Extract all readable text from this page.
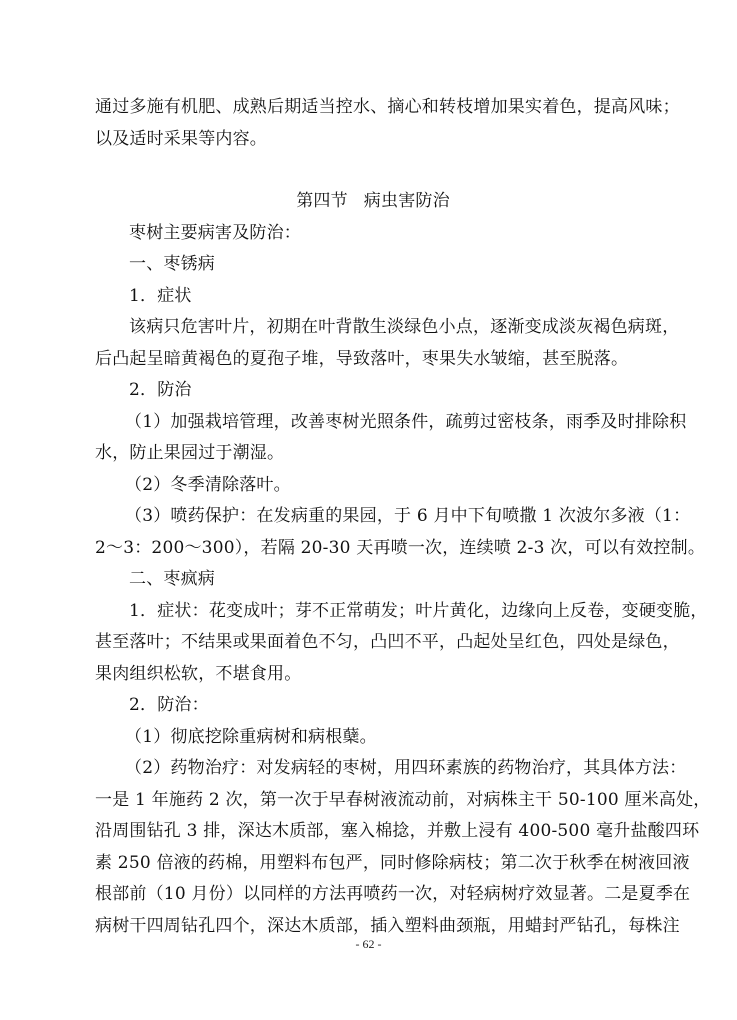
通过多施有机肥、成熟后期适当控水、摘心和转枝增加果实着色，提高风味；
以及适时采果等内容。
第四节 病虫害防治
枣树主要病害及防治：
一、枣锈病
1．症状
该病只危害叶片，初期在叶背散生淡绿色小点，逐渐变成淡灰褐色病斑，
后凸起呈暗黄褐色的夏孢子堆，导致落叶，枣果失水皱缩，甚至脱落。
2．防治
（1）加强栽培管理，改善枣树光照条件，疏剪过密枝条，雨季及时排除积
水，防止果园过于潮湿。
（2）冬季清除落叶。
（3）喷药保护：在发病重的果园，于 6 月中下旬喷撒 1 次波尔多液（1：
2～3：200～300），若隔 20-30 天再喷一次，连续喷 2-3 次，可以有效控制。
二、枣疯病
1．症状：花变成叶；芽不正常萌发；叶片黄化，边缘向上反卷，变硬变脆，
甚至落叶；不结果或果面着色不匀，凸凹不平，凸起处呈红色，四处是绿色，
果肉组织松软，不堪食用。
2．防治：
（1）彻底挖除重病树和病根蘖。
（2）药物治疗：对发病轻的枣树，用四环素族的药物治疗，其具体方法：
一是 1 年施药 2 次，第一次于早春树液流动前，对病株主干 50-100 厘米高处，
沿周围钻孔 3 排，深达木质部，塞入棉捻，并敷上浸有 400-500 毫升盐酸四环
素 250 倍液的药棉，用塑料布包严，同时修除病枝；第二次于秋季在树液回液
根部前（10 月份）以同样的方法再喷药一次，对轻病树疗效显著。二是夏季在
病树干四周钻孔四个，深达木质部，插入塑料曲颈瓶，用蜡封严钻孔，每株注
- 62 -
